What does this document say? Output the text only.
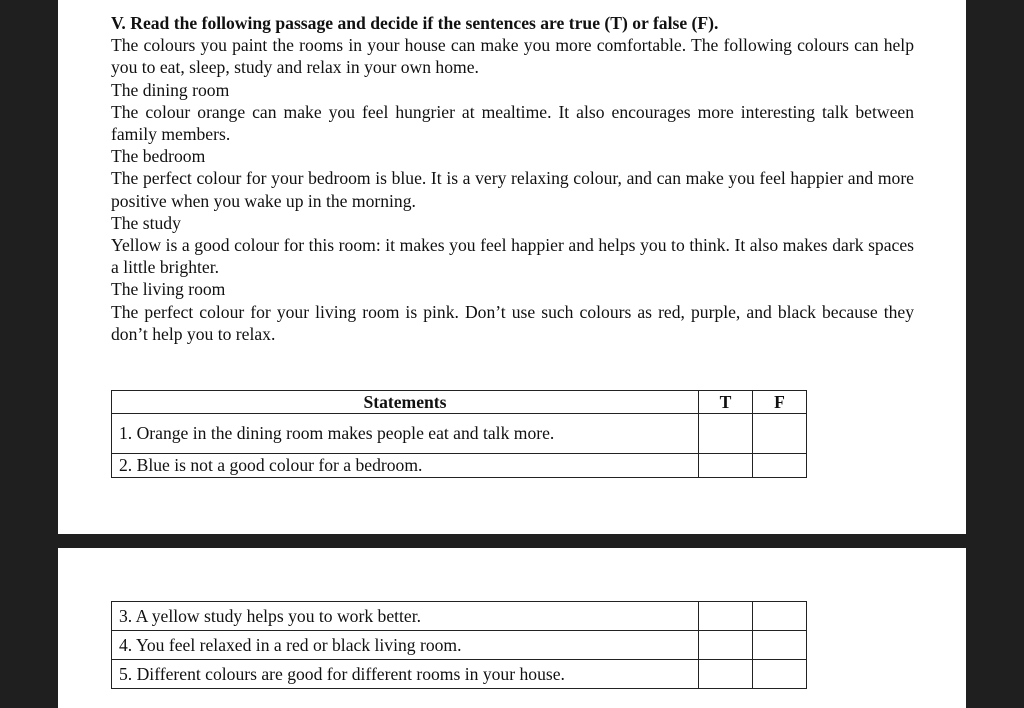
V. Read the following passage and decide if the sentences are true (T) or false (F).
The colours you paint the rooms in your house can make you more comfortable. The following colours can help you to eat, sleep, study and relax in your own home.
The dining room
The colour orange can make you feel hungrier at mealtime. It also encourages more interesting talk between family members.
The bedroom
The perfect colour for your bedroom is blue. It is a very relaxing colour, and can make you feel happier and more positive when you wake up in the morning.
The study
Yellow is a good colour for this room: it makes you feel happier and helps you to think. It also makes dark spaces a little brighter.
The living room
The perfect colour for your living room is pink. Don’t use such colours as red, purple, and black because they don’t help you to relax.
Statements	T	F
1. Orange in the dining room makes people eat and talk more.		
2. Blue is not a good colour for a bedroom.		
3. A yellow study helps you to work better.		
4. You feel relaxed in a red or black living room.		
5. Different colours are good for different rooms in your house.		
